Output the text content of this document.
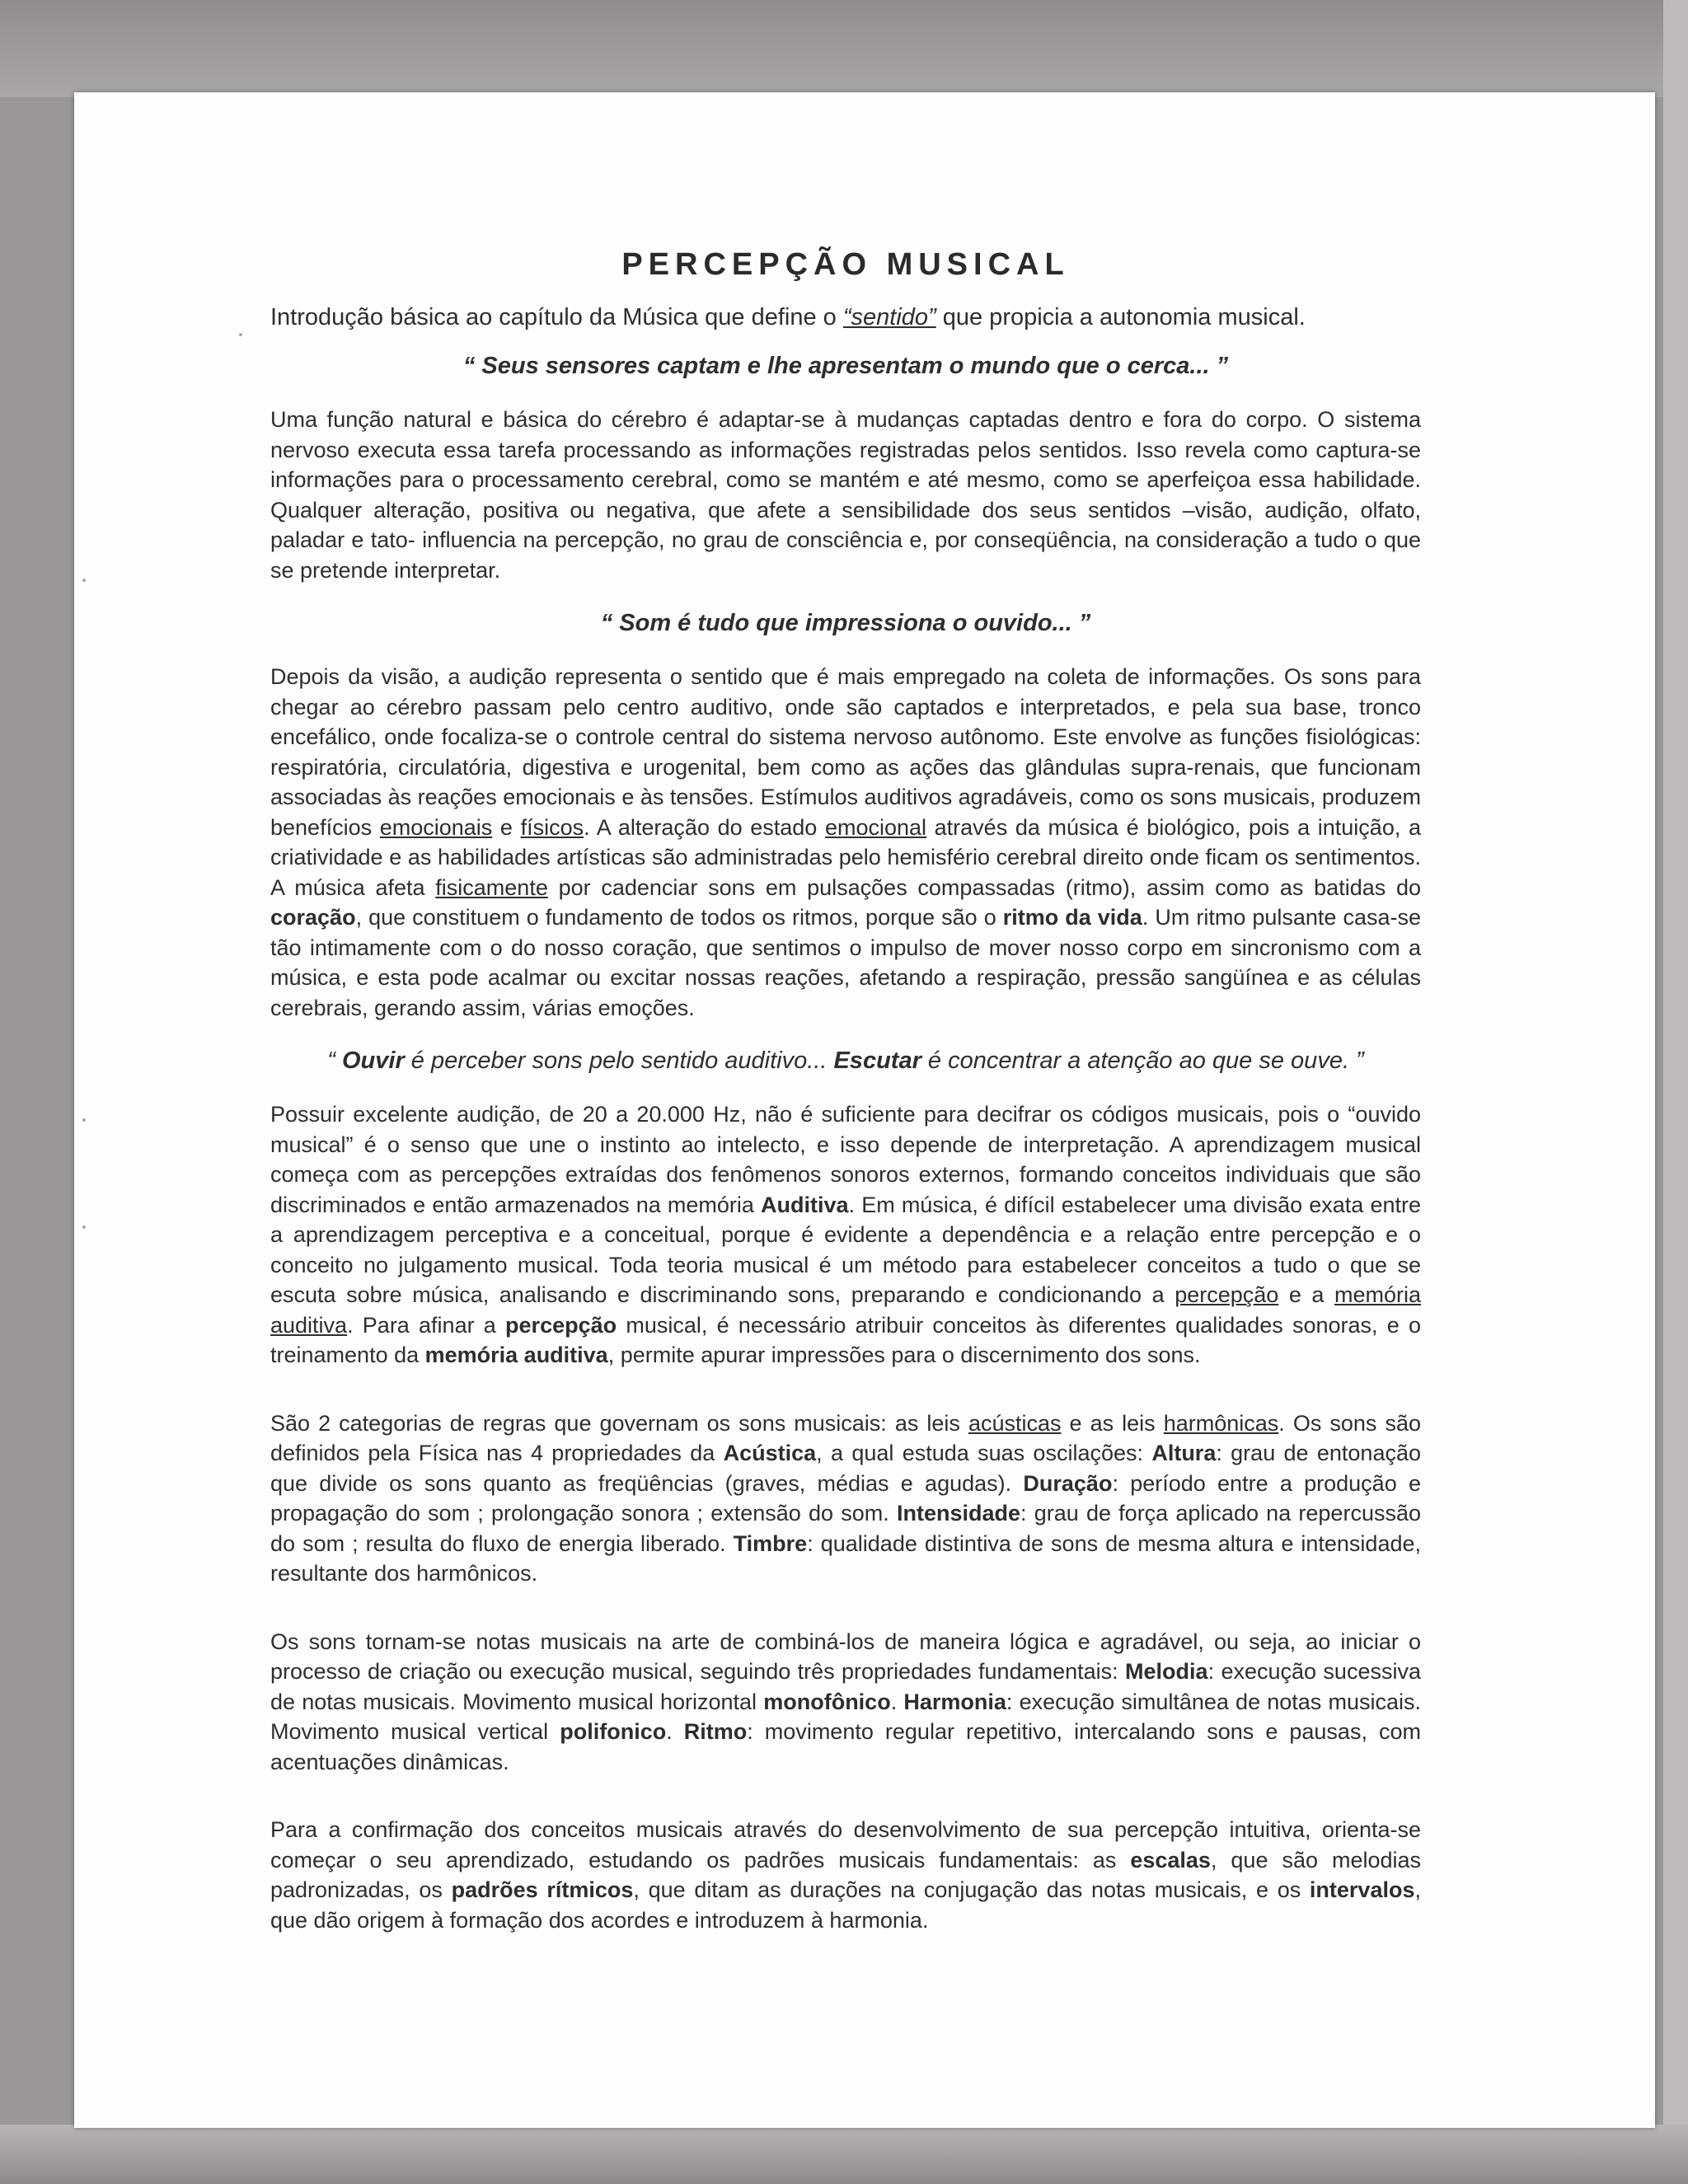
PERCEPÇÃO MUSICAL

Introdução básica ao capítulo da Música que define o “sentido” que propicia a autonomia musical.

“ Seus sensores captam e lhe apresentam o mundo que o cerca... ”

Uma função natural e básica do cérebro é adaptar-se à mudanças captadas dentro e fora do corpo. O sistema nervoso executa essa tarefa processando as informações registradas pelos sentidos. Isso revela como captura-se informações para o processamento cerebral, como se mantém e até mesmo, como se aperfeiçoa essa habilidade. Qualquer alteração, positiva ou negativa, que afete a sensibilidade dos seus sentidos –visão, audição, olfato, paladar e tato- influencia na percepção, no grau de consciência e, por conseqüência, na consideração a tudo o que se pretende interpretar.

“ Som é tudo que impressiona o ouvido... ”

Depois da visão, a audição representa o sentido que é mais empregado na coleta de informações. Os sons para chegar ao cérebro passam pelo centro auditivo, onde são captados e interpretados, e pela sua base, tronco encefálico, onde focaliza-se o controle central do sistema nervoso autônomo. Este envolve as funções fisiológicas: respiratória, circulatória, digestiva e urogenital, bem como as ações das glândulas supra-renais, que funcionam associadas às reações emocionais e às tensões. Estímulos auditivos agradáveis, como os sons musicais, produzem benefícios emocionais e físicos. A alteração do estado emocional através da música é biológico, pois a intuição, a criatividade e as habilidades artísticas são administradas pelo hemisfério cerebral direito onde ficam os sentimentos. A música afeta fisicamente por cadenciar sons em pulsações compassadas (ritmo), assim como as batidas do coração, que constituem o fundamento de todos os ritmos, porque são o ritmo da vida. Um ritmo pulsante casa-se tão intimamente com o do nosso coração, que sentimos o impulso de mover nosso corpo em sincronismo com a música, e esta pode acalmar ou excitar nossas reações, afetando a respiração, pressão sangüínea e as células cerebrais, gerando assim, várias emoções.

“ Ouvir é perceber sons pelo sentido auditivo... Escutar é concentrar a atenção ao que se ouve. ”

Possuir excelente audição, de 20 a 20.000 Hz, não é suficiente para decifrar os códigos musicais, pois o “ouvido musical” é o senso que une o instinto ao intelecto, e isso depende de interpretação. A aprendizagem musical começa com as percepções extraídas dos fenômenos sonoros externos, formando conceitos individuais que são discriminados e então armazenados na memória Auditiva. Em música, é difícil estabelecer uma divisão exata entre a aprendizagem perceptiva e a conceitual, porque é evidente a dependência e a relação entre percepção e o conceito no julgamento musical. Toda teoria musical é um método para estabelecer conceitos a tudo o que se escuta sobre música, analisando e discriminando sons, preparando e condicionando a percepção e a memória auditiva. Para afinar a percepção musical, é necessário atribuir conceitos às diferentes qualidades sonoras, e o treinamento da memória auditiva, permite apurar impressões para o discernimento dos sons.

São 2 categorias de regras que governam os sons musicais: as leis acústicas e as leis harmônicas. Os sons são definidos pela Física nas 4 propriedades da Acústica, a qual estuda suas oscilações: Altura: grau de entonação que divide os sons quanto as freqüências (graves, médias e agudas). Duração: período entre a produção e propagação do som ; prolongação sonora ; extensão do som. Intensidade: grau de força aplicado na repercussão do som ; resulta do fluxo de energia liberado. Timbre: qualidade distintiva de sons de mesma altura e intensidade, resultante dos harmônicos.

Os sons tornam-se notas musicais na arte de combiná-los de maneira lógica e agradável, ou seja, ao iniciar o processo de criação ou execução musical, seguindo três propriedades fundamentais: Melodia: execução sucessiva de notas musicais. Movimento musical horizontal monofônico. Harmonia: execução simultânea de notas musicais. Movimento musical vertical polifonico. Ritmo: movimento regular repetitivo, intercalando sons e pausas, com acentuações dinâmicas.

Para a confirmação dos conceitos musicais através do desenvolvimento de sua percepção intuitiva, orienta-se começar o seu aprendizado, estudando os padrões musicais fundamentais: as escalas, que são melodias padronizadas, os padrões rítmicos, que ditam as durações na conjugação das notas musicais, e os intervalos, que dão origem à formação dos acordes e introduzem à harmonia.
